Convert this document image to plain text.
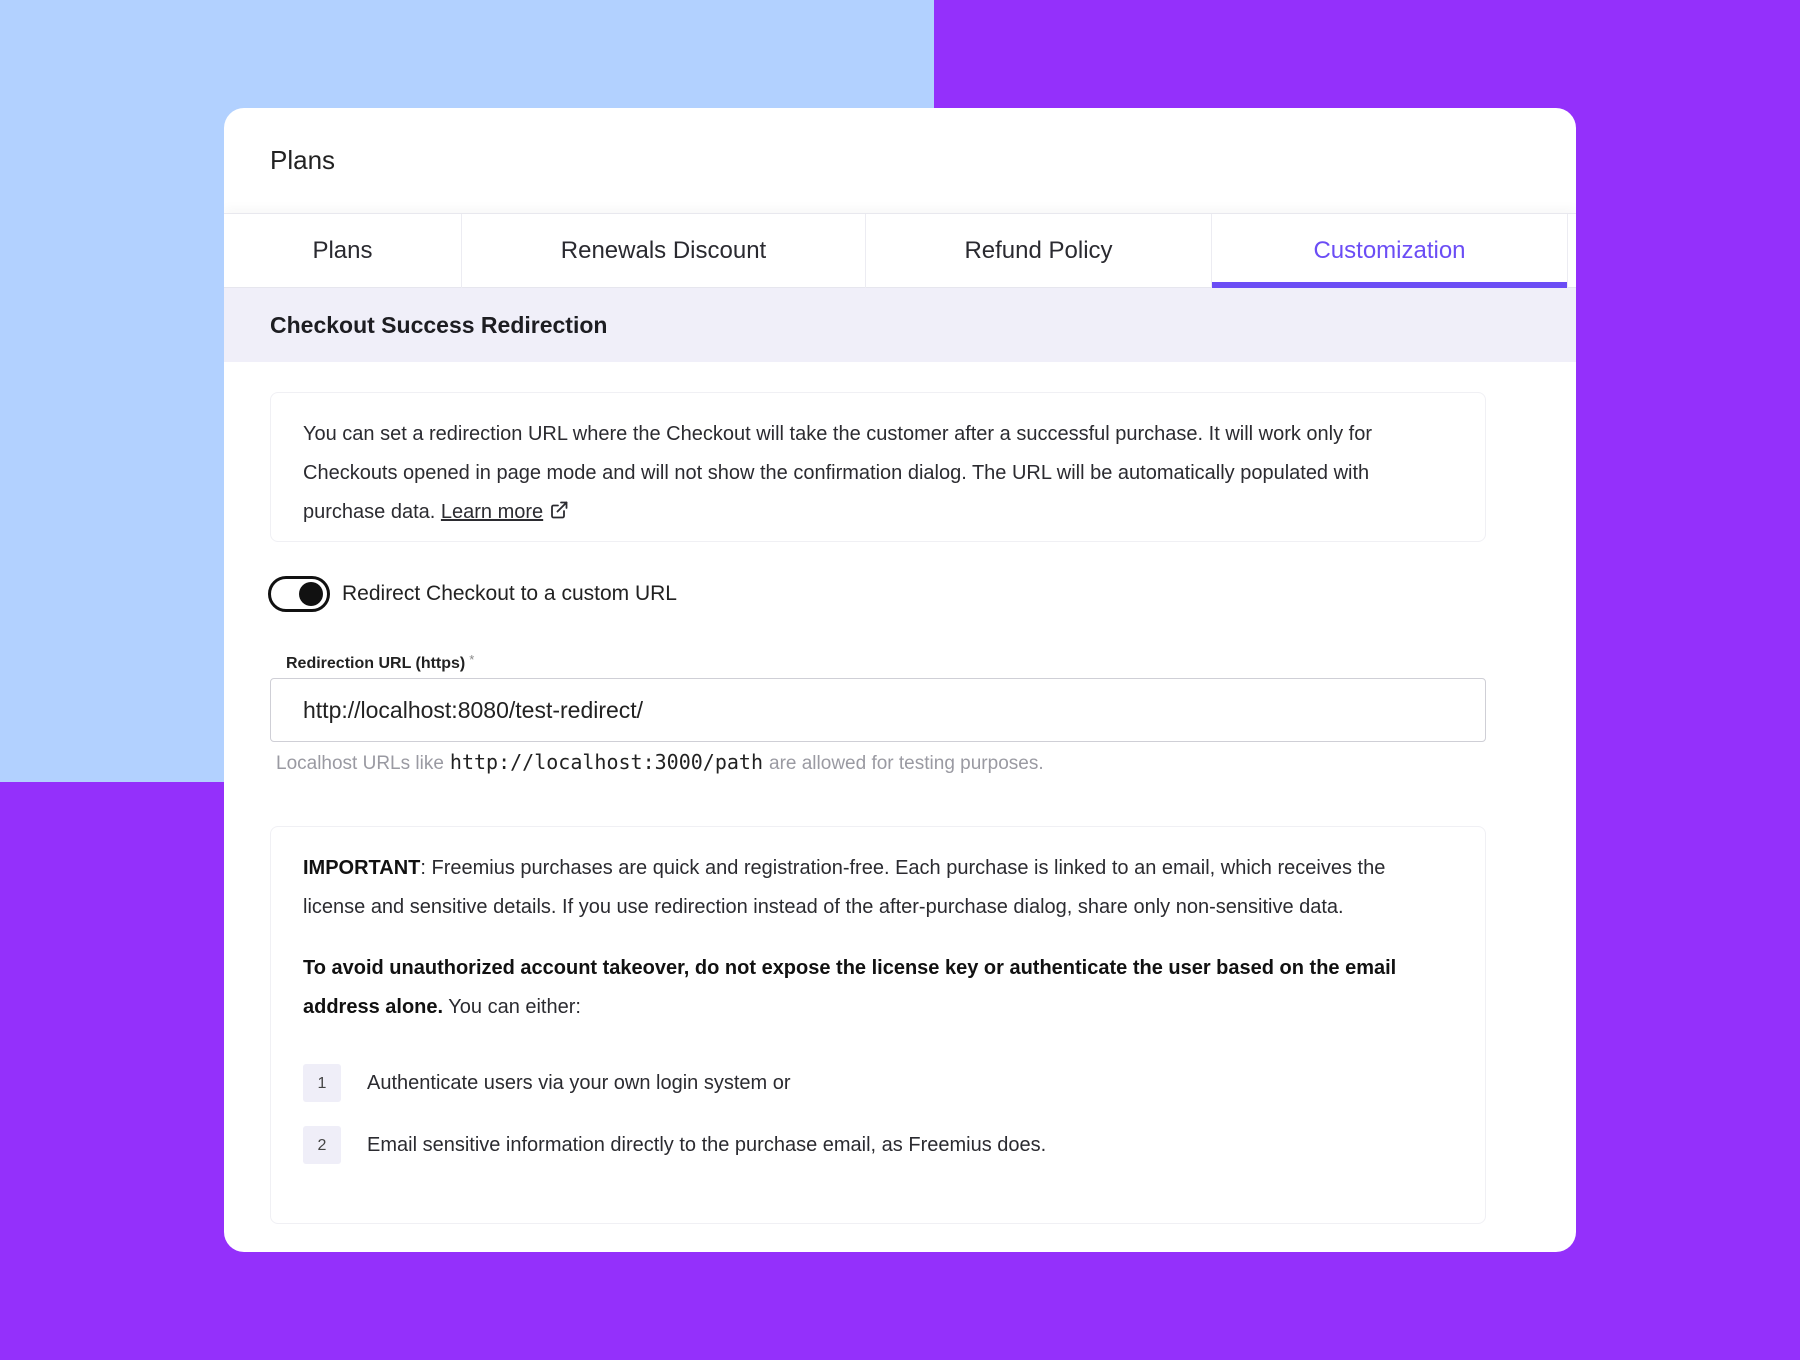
Plans
Plans	Renewals Discount	Refund Policy	Customization
Checkout Success Redirection
You can set a redirection URL where the Checkout will take the customer after a successful purchase. It will work only for Checkouts opened in page mode and will not show the confirmation dialog. The URL will be automatically populated with purchase data. Learn more
Redirect Checkout to a custom URL
Redirection URL (https) *
http://localhost:8080/test-redirect/
Localhost URLs like http://localhost:3000/path are allowed for testing purposes.

IMPORTANT: Freemius purchases are quick and registration-free. Each purchase is linked to an email, which receives the license and sensitive details. If you use redirection instead of the after-purchase dialog, share only non-sensitive data.

To avoid unauthorized account takeover, do not expose the license key or authenticate the user based on the email address alone. You can either:

1	Authenticate users via your own login system or
2	Email sensitive information directly to the purchase email, as Freemius does.
